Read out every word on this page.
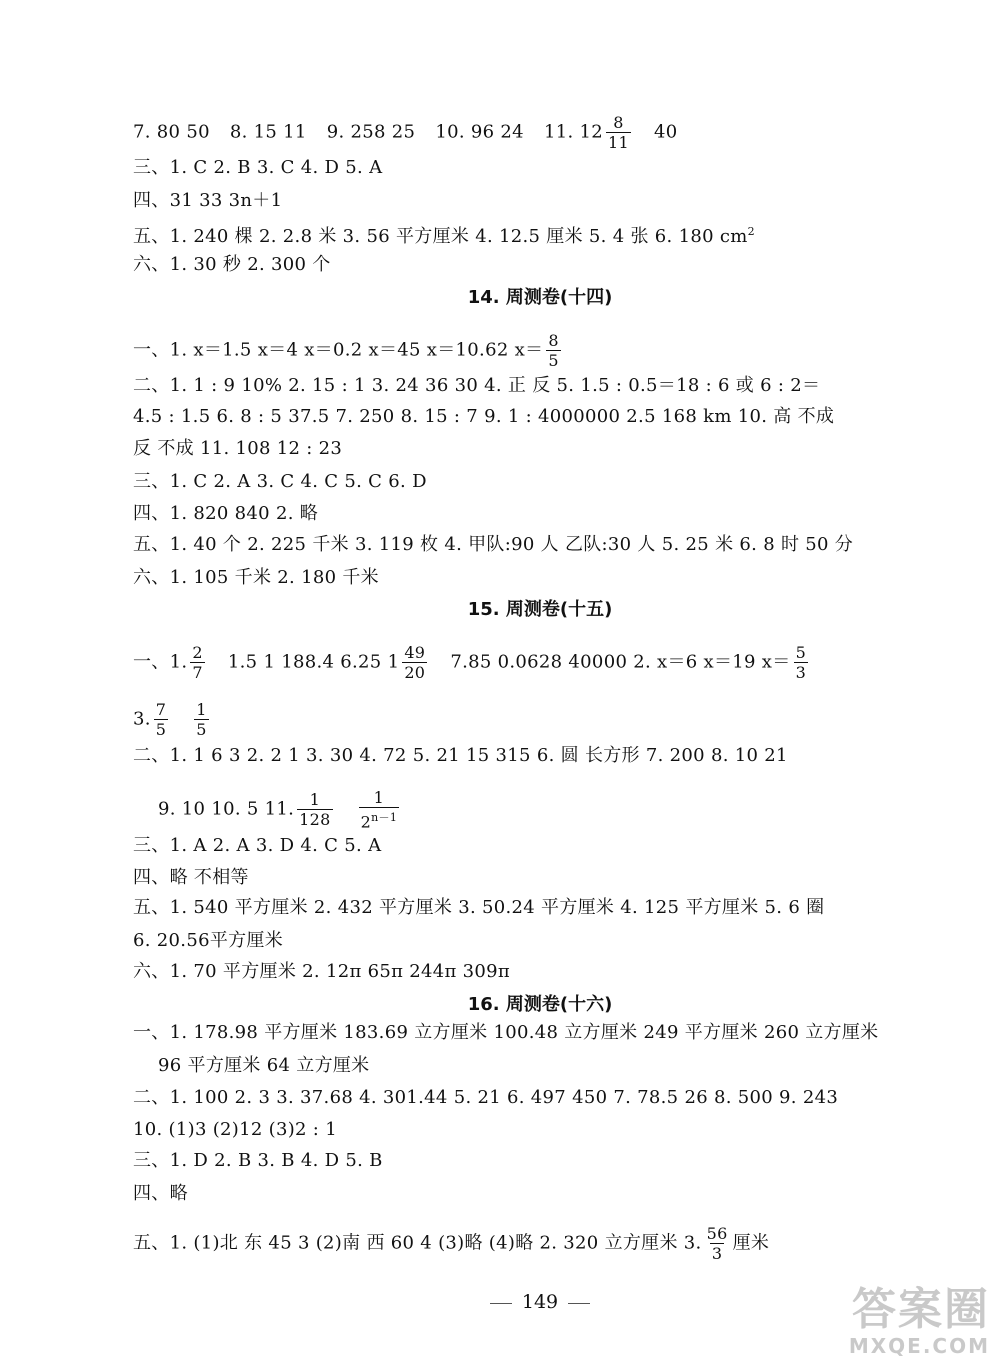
7. 80 50 8. 15 11 9. 258 25 10. 96 24 11. $12 \frac{8}{11} 40$
三、1. C 2. B 3. C 4. D 5. A
四、31 33 3n＋1
五、1. 240 棵 2. 2.8 米 3. 56 平方厘米 4. 12.5 厘米 5. 4 张 6. 180 $cm^2$
六、1. 30 秒 2. 300 个
14. 周测卷(十四)
一、1. x＝1.5 x＝4 x＝0.2 x＝45 x＝10.62 $x= \frac{8}{5}$
二、1. 1 : 9 10% 2. 15 : 1 3. 24 36 30 4. 正 反 5. 1.5 : 0.5＝18 : 6 或 6 : 2＝
4.5 : 1.5 6. 8 : 5 37.5 7. 250 8. 15 : 7 9. 1 : 4000000 2.5 168 km 10. 高 不成
反 不成 11. 108 12 : 23
三、1. C 2. A 3. C 4. C 5. C 6. D
四、1. 820 840 2. 略
五、1. 40 个 2. 225 千米 3. 119 枚 4. 甲队:90 人 乙队:30 人 5. 25 米 6. 8 时 50 分
六、1. 105 千米 2. 180 千米
15. 周测卷(十五)
一、1. $\frac{2}{7} 1.5$ 1 188.4 6.25 $1 \frac{49}{20} 7.85$ 0.0628 40000 2. x＝6 x＝19 $x= \frac{5}{3}$
3. $\frac{7}{5}$
$\frac{1}{5}$
二、1. 1 6 3 2. 2 1 3. 30 4. 72 5. 21 15 315 6. 圆 长方形 7. 200 8. 10 21
9. 10 10. 5 11. $\frac{1}{128}$
$\frac{1}{2^{n-1}}$
三、1. A 2. A 3. D 4. C 5. A
四、略 不相等
五、1. 540 平方厘米 2. 432 平方厘米 3. 50.24 平方厘米 4. 125 平方厘米 5. 6 圈
6. 20.56平方厘米
六、1. 70 平方厘米 2. 12π 65π 244π 309π
16. 周测卷(十六)
一、1. 178.98 平方厘米 183.69 立方厘米 100.48 立方厘米 249 平方厘米 260 立方厘米
96 平方厘米 64 立方厘米
二、1. 100 2. 3 3. 37.68 4. 301.44 5. 21 6. 497 450 7. 78.5 26 8. 500 9. 243
10. (1)3 (2)12 (3)2 : 1
三、1. D 2. B 3. B 4. D 5. B
四、略
五、1. (1)北 东 45 3 (2)南 西 60 4 (3)略 (4)略 2. 320 立方厘米 3. $\frac{56}{3}$ 厘米
149	答案圈
MXQE.COM
